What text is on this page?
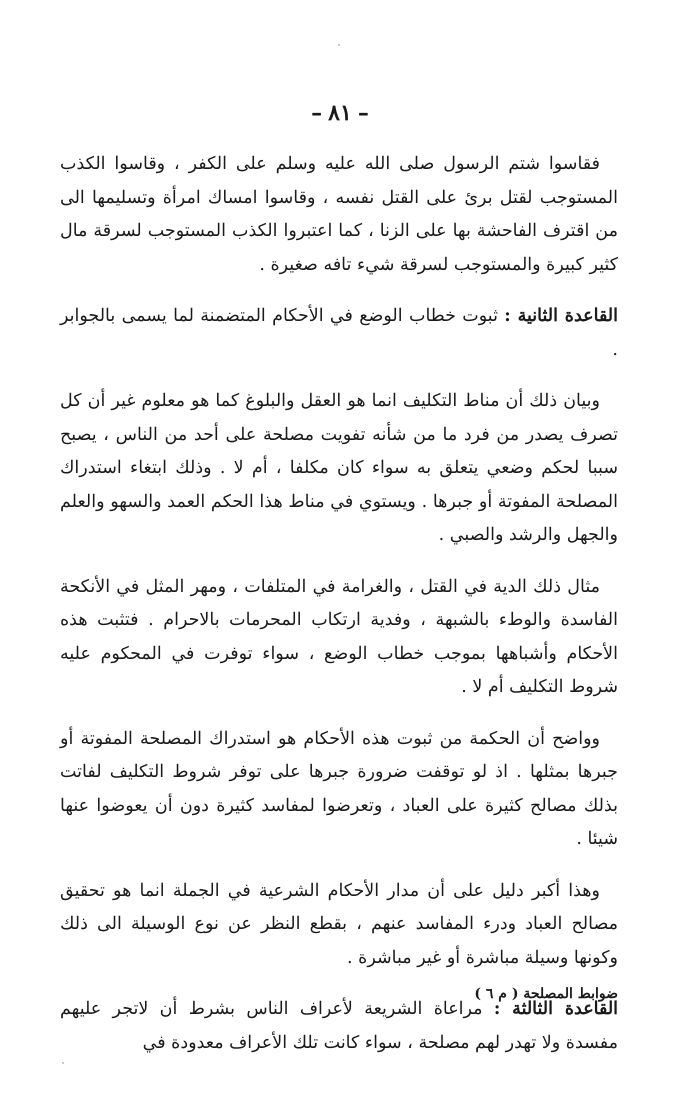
–٨١–

فقاسوا شتم الرسول صلى الله عليه وسلم على الكفر ، وقاسوا الكذب المستوجب لقتل برئ على القتل نفسه ، وقاسوا امساك امرأة وتسليمها الى من اقترف الفاحشة بها على الزنا ، كما اعتبروا الكذب المستوجب لسرقة مال كثير كبيرة والمستوجب لسرقة شيء تافه صغيرة .

القاعدة الثانية : ثبوت خطاب الوضع في الأحكام المتضمنة لما يسمى بالجوابر .

وبيان ذلك أن مناط التكليف انما هو العقل والبلوغ كما هو معلوم غير أن كل تصرف يصدر من فرد ما من شأنه تفويت مصلحة على أحد من الناس ، يصبح سببا لحكم وضعي يتعلق به سواء كان مكلفا ، أم لا . وذلك ابتغاء استدراك المصلحة المفوتة أو جبرها . ويستوي في مناط هذا الحكم العمد والسهو والعلم والجهل والرشد والصبي .

مثال ذلك الدية في القتل ، والغرامة في المتلفات ، ومهر المثل في الأنكحة الفاسدة والوطء بالشبهة ، وفدية ارتكاب المحرمات بالاحرام . فتثبت هذه الأحكام وأشباهها بموجب خطاب الوضع ، سواء توفرت في المحكوم عليه شروط التكليف أم لا .

وواضح أن الحكمة من ثبوت هذه الأحكام هو استدراك المصلحة المفوتة أو جبرها بمثلها . اذ لو توقفت ضرورة جبرها على توفر شروط التكليف لفاتت بذلك مصالح كثيرة على العباد ، وتعرضوا لمفاسد كثيرة دون أن يعوضوا عنها شيئا .

وهذا أكبر دليل على أن مدار الأحكام الشرعية في الجملة انما هو تحقيق مصالح العباد ودرء المفاسد عنهم ، بقطع النظر عن نوع الوسيلة الى ذلك وكونها وسيلة مباشرة أو غير مباشرة .

القاعدة الثالثة : مراعاة الشريعة لأعراف الناس بشرط أن لاتجر عليهم مفسدة ولا تهدر لهم مصلحة ، سواء كانت تلك الأعراف معدودة في

ضوابط المصلحة ( م ٦ )
